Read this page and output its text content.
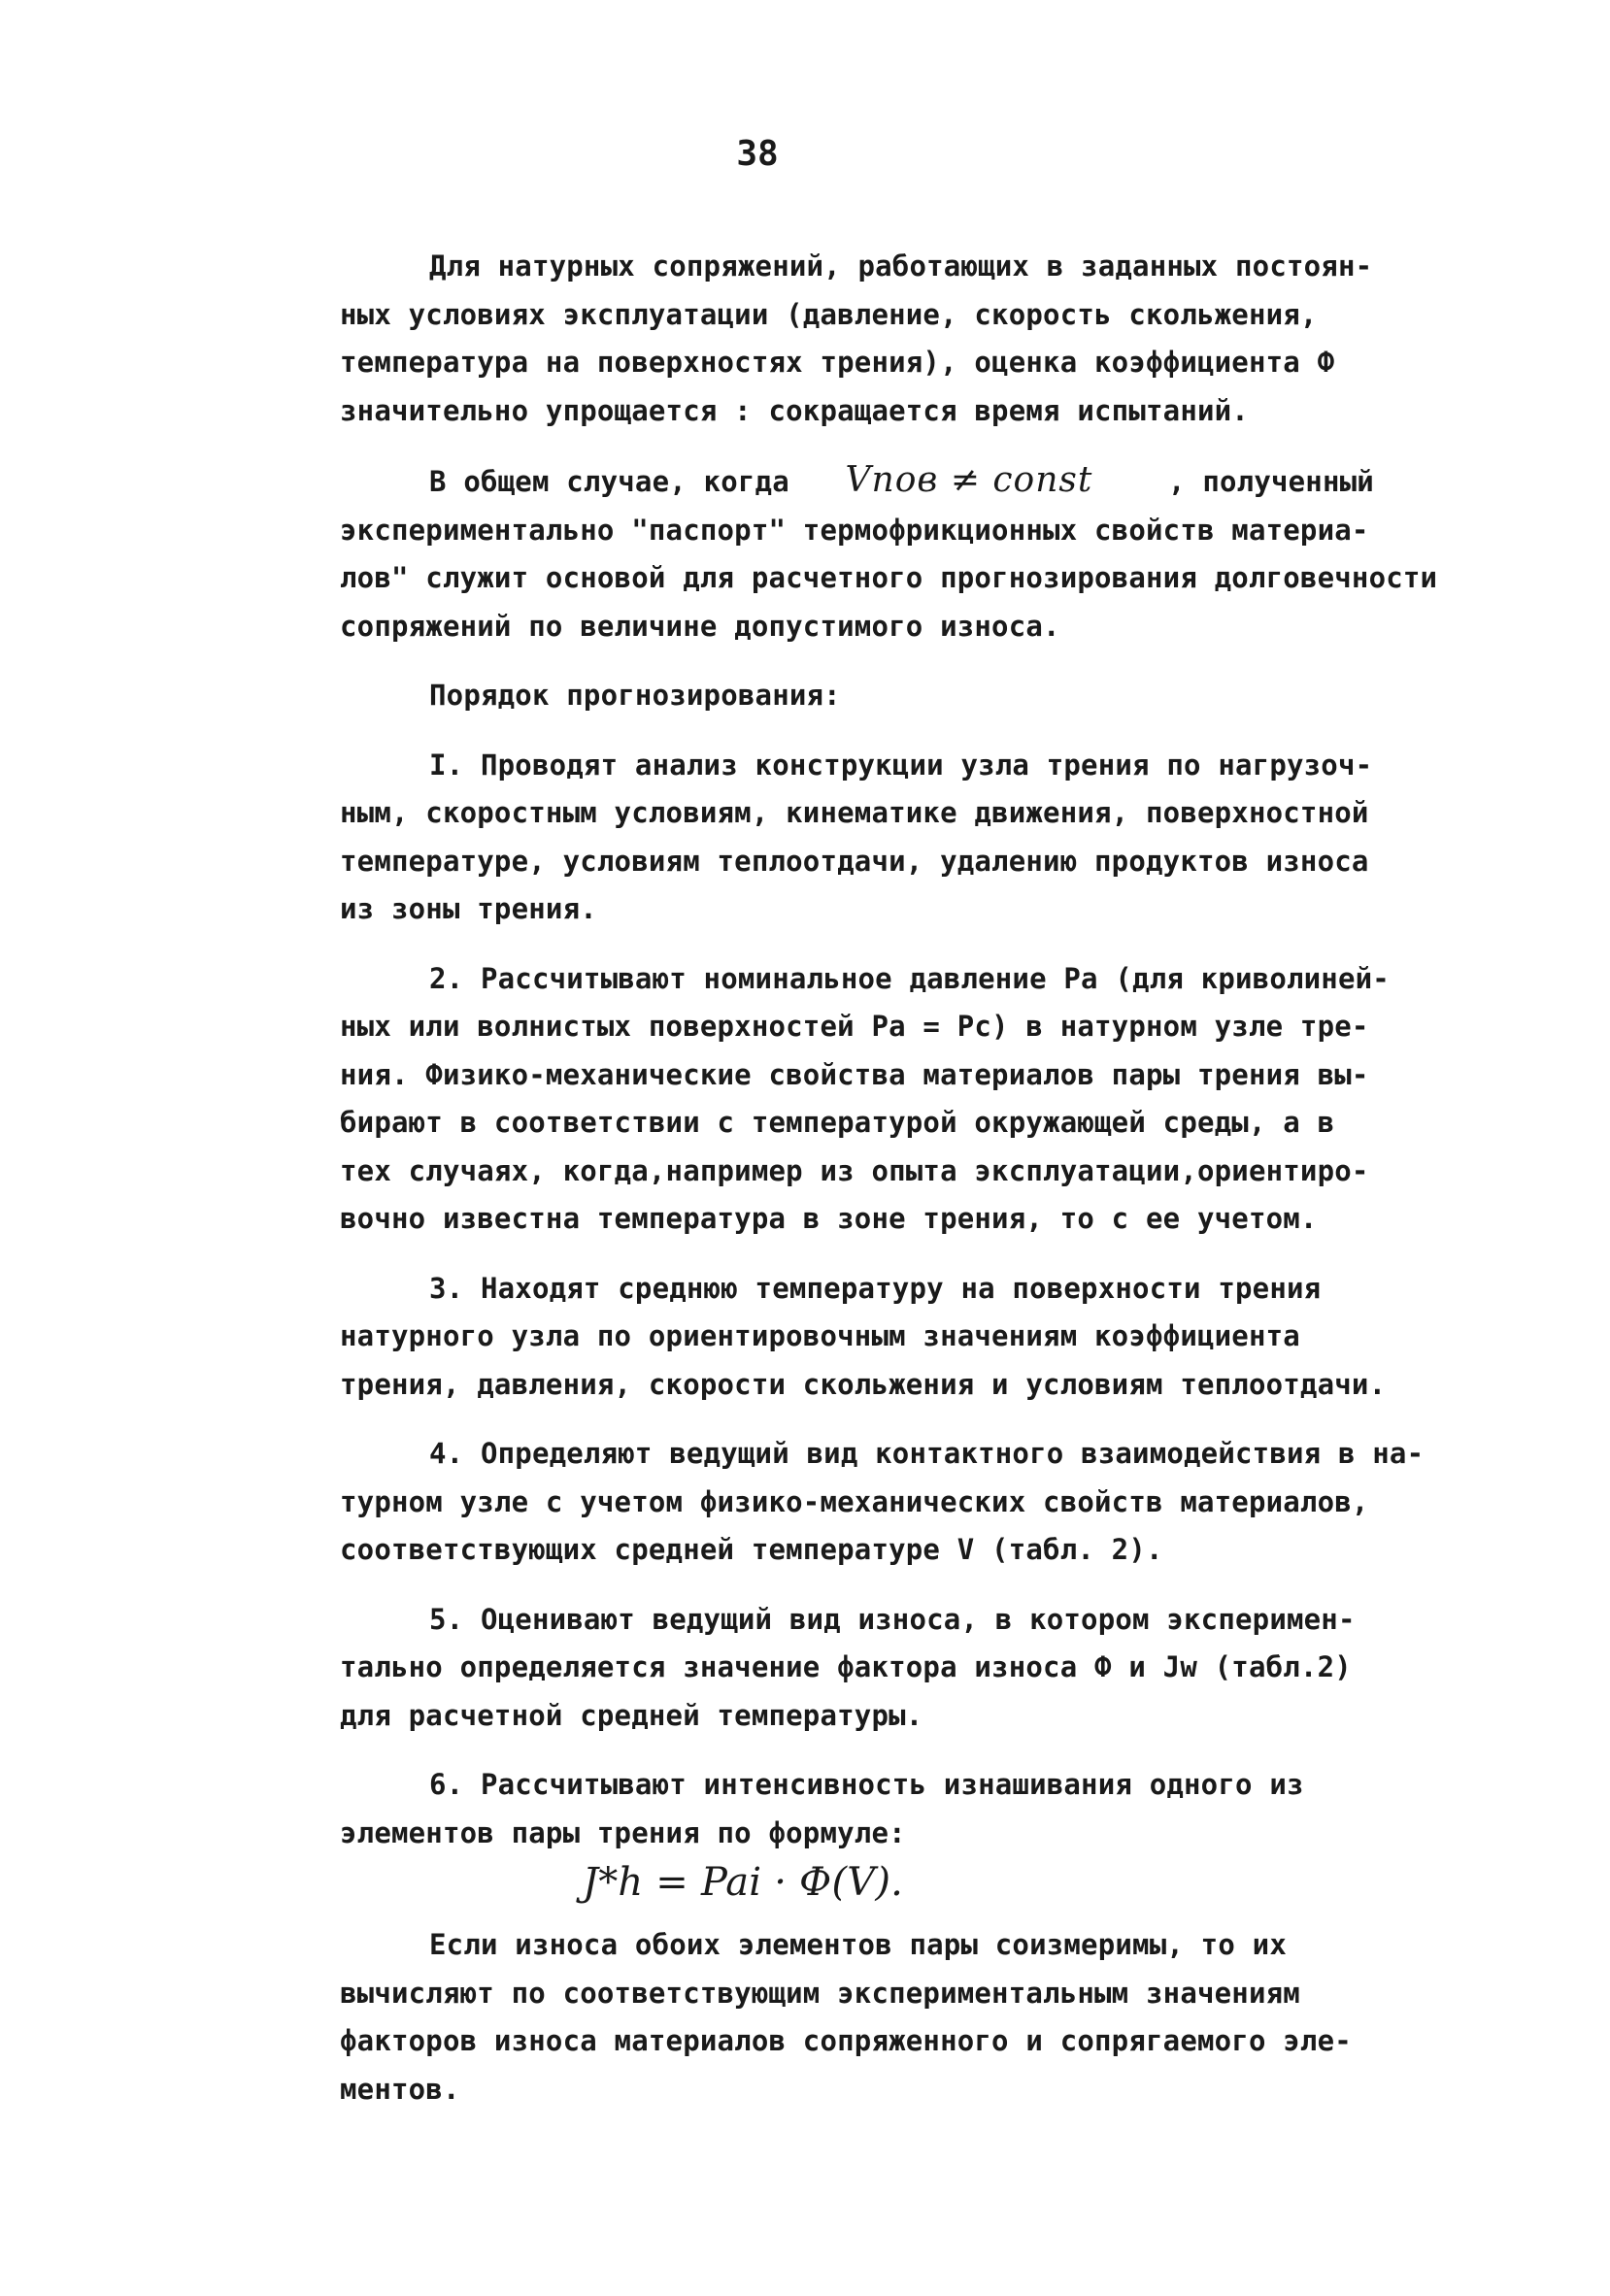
38
Для натурных сопряжений, работающих в заданных постоян-
ных условиях эксплуатации (давление, скорость скольжения,
температура на поверхностях трения), оценка коэффициента Ф
значительно упрощается : сокращается время испытаний.
В общем случае, когда Vпов ≠ const	, полученный
экспериментально "паспорт" термофрикционных свойств материа-
лов" служит основой для расчетного прогнозирования долговечности
сопряжений по величине допустимого износа.
Порядок прогнозирования:
I. Проводят анализ конструкции узла трения по нагрузоч-
ным, скоростным условиям, кинематике движения, поверхностной
температуре, условиям теплоотдачи, удалению продуктов износа
из зоны трения.
2. Рассчитывают номинальное давление Pa (для криволиней-
ных или волнистых поверхностей Pa = Pc) в натурном узле тре-
ния. Физико-механические свойства материалов пары трения вы-
бирают в соответствии с температурой окружающей среды, а в
тех случаях, когда,например из опыта эксплуатации,ориентиро-
вочно известна температура в зоне трения, то с ее учетом.
3. Находят среднюю температуру на поверхности трения
натурного узла по ориентировочным значениям коэффициента
трения, давления, скорости скольжения и условиям теплоотдачи.
4. Определяют ведущий вид контактного взаимодействия в на-
турном узле с учетом физико-механических свойств материалов,
соответствующих средней температуре V (табл. 2).
5. Оценивают ведущий вид износа, в котором эксперимен-
тально определяется значение фактора износа Ф и Jw (табл.2)
для расчетной средней температуры.
6. Рассчитывают интенсивность изнашивания одного из
элементов пары трения по формуле:
J*h = Pai · Ф(V).
Если износа обоих элементов пары соизмеримы, то их
вычисляют по соответствующим экспериментальным значениям
факторов износа материалов сопряженного и сопрягаемого эле-
ментов.
